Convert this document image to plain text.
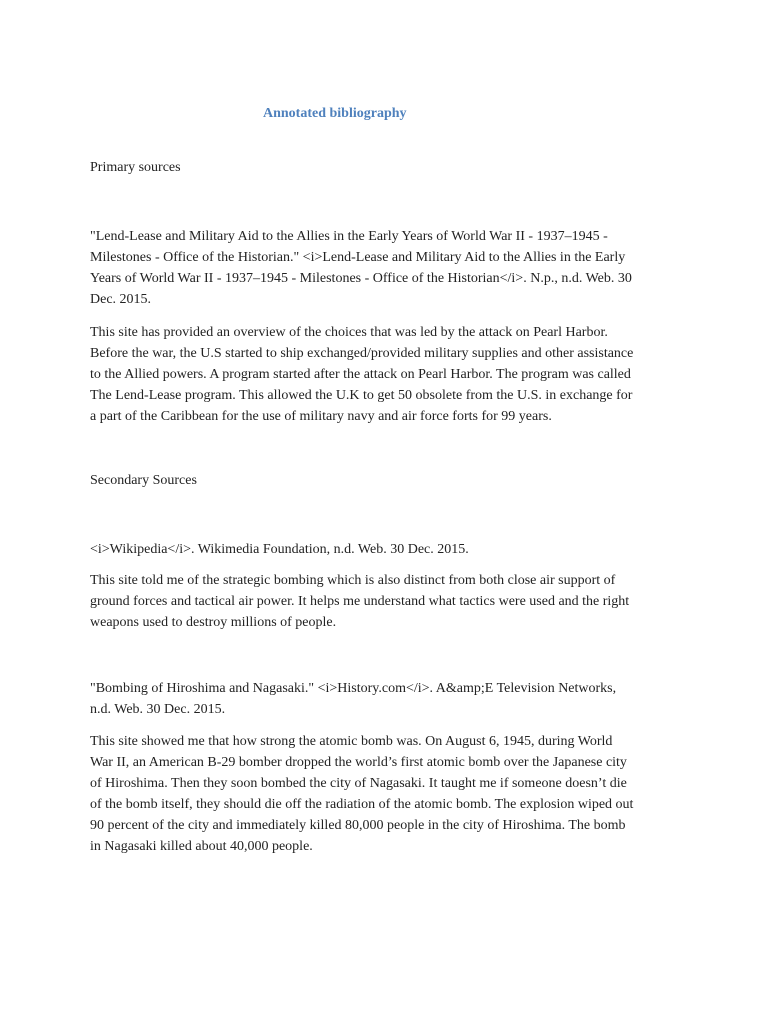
Annotated bibliography
Primary sources
"Lend-Lease and Military Aid to the Allies in the Early Years of World War II - 1937–1945 -
Milestones - Office of the Historian." <i>Lend-Lease and Military Aid to the Allies in the Early
Years of World War II - 1937–1945 - Milestones - Office of the Historian</i>. N.p., n.d. Web. 30
Dec. 2015.
This site has provided an overview of the choices that was led by the attack on Pearl Harbor.
Before the war, the U.S started to ship exchanged/provided military supplies and other assistance
to the Allied powers. A program started after the attack on Pearl Harbor. The program was called
The Lend-Lease program. This allowed the U.K to get 50 obsolete from the U.S. in exchange for
a part of the Caribbean for the use of military navy and air force forts for 99 years.
Secondary Sources
<i>Wikipedia</i>. Wikimedia Foundation, n.d. Web. 30 Dec. 2015.
This site told me of the strategic bombing which is also distinct from both close air support of
ground forces and tactical air power. It helps me understand what tactics were used and the right
weapons used to destroy millions of people.
"Bombing of Hiroshima and Nagasaki." <i>History.com</i>. A&amp;E Television Networks,
n.d. Web. 30 Dec. 2015.
This site showed me that how strong the atomic bomb was. On August 6, 1945, during World
War II, an American B-29 bomber dropped the world’s first atomic bomb over the Japanese city
of Hiroshima. Then they soon bombed the city of Nagasaki. It taught me if someone doesn’t die
of the bomb itself, they should die off the radiation of the atomic bomb. The explosion wiped out
90 percent of the city and immediately killed 80,000 people in the city of Hiroshima. The bomb
in Nagasaki killed about 40,000 people.
